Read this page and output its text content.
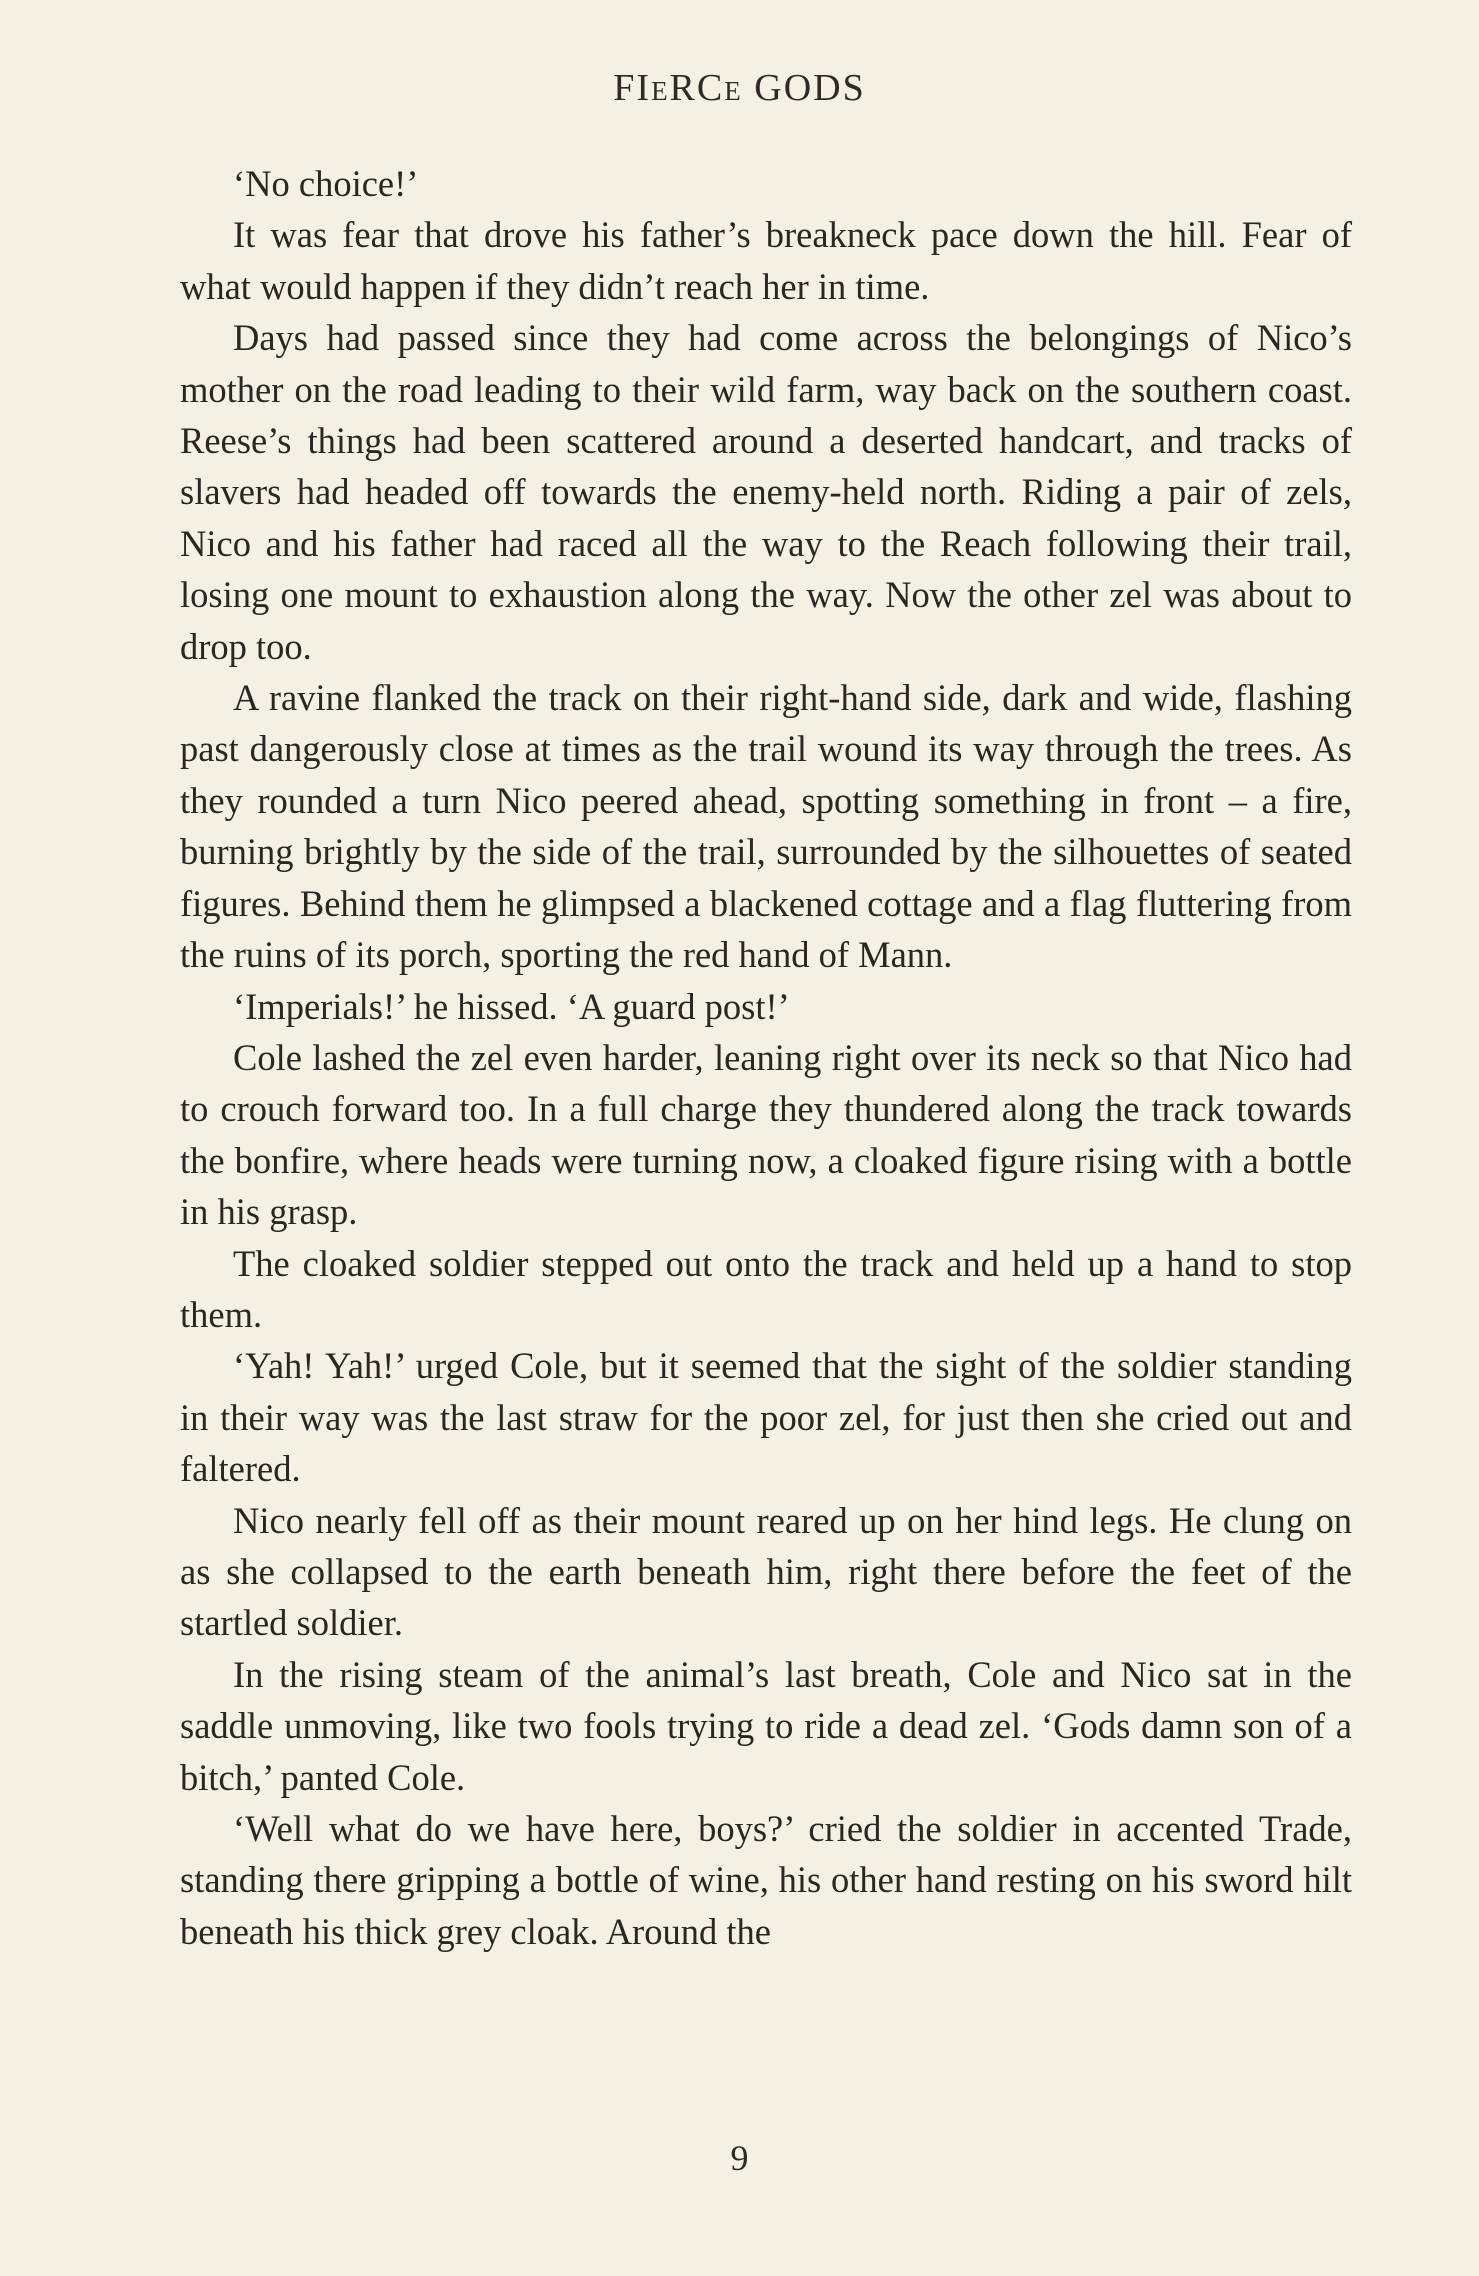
FIeRCe GODS

‘No choice!’

It was fear that drove his father’s breakneck pace down the hill. Fear of what would happen if they didn’t reach her in time.

Days had passed since they had come across the belongings of Nico’s mother on the road leading to their wild farm, way back on the southern coast. Reese’s things had been scattered around a deserted handcart, and tracks of slavers had headed off towards the enemy-held north. Riding a pair of zels, Nico and his father had raced all the way to the Reach following their trail, losing one mount to exhaustion along the way. Now the other zel was about to drop too.

A ravine flanked the track on their right-hand side, dark and wide, flashing past dangerously close at times as the trail wound its way through the trees. As they rounded a turn Nico peered ahead, spotting something in front – a fire, burning brightly by the side of the trail, surrounded by the silhouettes of seated figures. Behind them he glimpsed a blackened cottage and a flag fluttering from the ruins of its porch, sporting the red hand of Mann.

‘Imperials!’ he hissed. ‘A guard post!’

Cole lashed the zel even harder, leaning right over its neck so that Nico had to crouch forward too. In a full charge they thundered along the track towards the bonfire, where heads were turning now, a cloaked figure rising with a bottle in his grasp.

The cloaked soldier stepped out onto the track and held up a hand to stop them.

‘Yah! Yah!’ urged Cole, but it seemed that the sight of the soldier standing in their way was the last straw for the poor zel, for just then she cried out and faltered.

Nico nearly fell off as their mount reared up on her hind legs. He clung on as she collapsed to the earth beneath him, right there before the feet of the startled soldier.

In the rising steam of the animal’s last breath, Cole and Nico sat in the saddle unmoving, like two fools trying to ride a dead zel. ‘Gods damn son of a bitch,’ panted Cole.

‘Well what do we have here, boys?’ cried the soldier in accented Trade, standing there gripping a bottle of wine, his other hand resting on his sword hilt beneath his thick grey cloak. Around the

9
